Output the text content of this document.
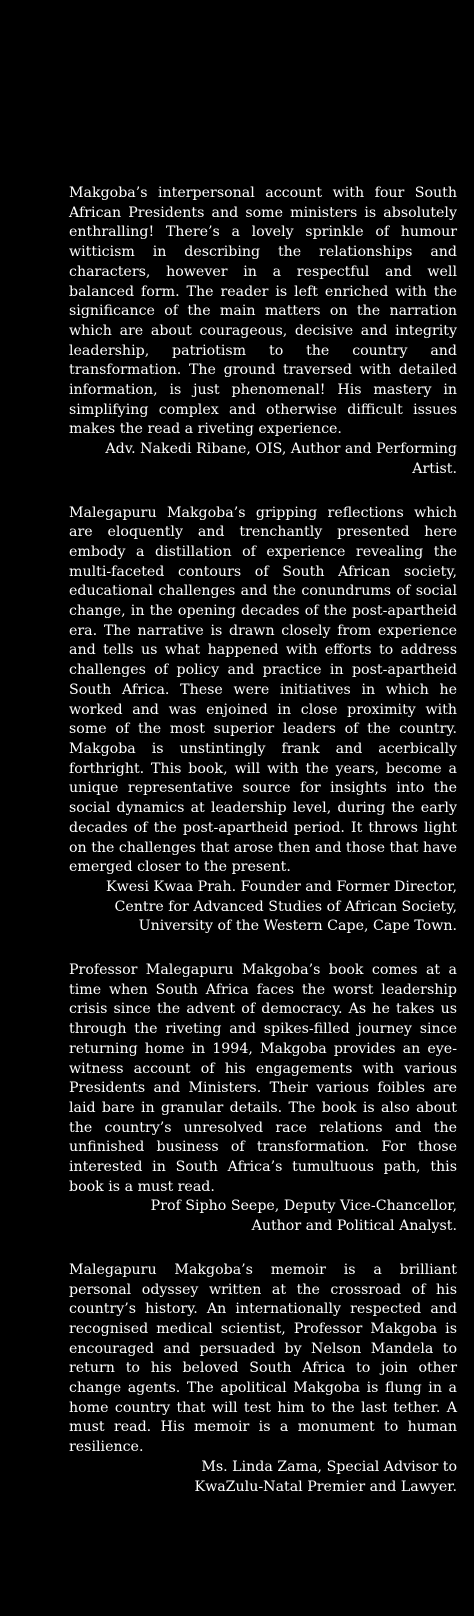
Makgoba’s interpersonal account with four South African Presidents and some ministers is absolutely enthralling! There’s a lovely sprinkle of humour witticism in describing the relationships and characters, however in a respectful and well balanced form. The reader is left enriched with the significance of the main matters on the narration which are about courageous, decisive and integrity leadership, patriotism to the country and transformation. The ground traversed with detailed information, is just phenomenal! His mastery in simplifying complex and otherwise difficult issues makes the read a riveting experience.

Adv. Nakedi Ribane, OIS, Author and Performing Artist.

Malegapuru Makgoba’s gripping reflections which are eloquently and trenchantly presented here embody a distillation of experience revealing the multi-faceted contours of South African society, educational challenges and the conundrums of social change, in the opening decades of the post-apartheid era. The narrative is drawn closely from experience and tells us what happened with efforts to address challenges of policy and practice in post-apartheid South Africa. These were initiatives in which he worked and was enjoined in close proximity with some of the most superior leaders of the country. Makgoba is unstintingly frank and acerbically forthright. This book, will with the years, become a unique representative source for insights into the social dynamics at leadership level, during the early decades of the post-apartheid period. It throws light on the challenges that arose then and those that have emerged closer to the present.

Kwesi Kwaa Prah. Founder and Former Director,
Centre for Advanced Studies of African Society,
University of the Western Cape, Cape Town.

Professor Malegapuru Makgoba’s book comes at a time when South Africa faces the worst leadership crisis since the advent of democracy. As he takes us through the riveting and spikes-filled journey since returning home in 1994, Makgoba provides an eye-witness account of his engagements with various Presidents and Ministers. Their various foibles are laid bare in granular details. The book is also about the country’s unresolved race relations and the unfinished business of transformation. For those interested in South Africa’s tumultuous path, this book is a must read.

Prof Sipho Seepe, Deputy Vice-Chancellor,
Author and Political Analyst.

Malegapuru Makgoba’s memoir is a brilliant personal odyssey written at the crossroad of his country’s history. An internationally respected and recognised medical scientist, Professor Makgoba is encouraged and persuaded by Nelson Mandela to return to his beloved South Africa to join other change agents. The apolitical Makgoba is flung in a home country that will test him to the last tether. A must read. His memoir is a monument to human resilience.

Ms. Linda Zama, Special Advisor to
KwaZulu-Natal Premier and Lawyer.
